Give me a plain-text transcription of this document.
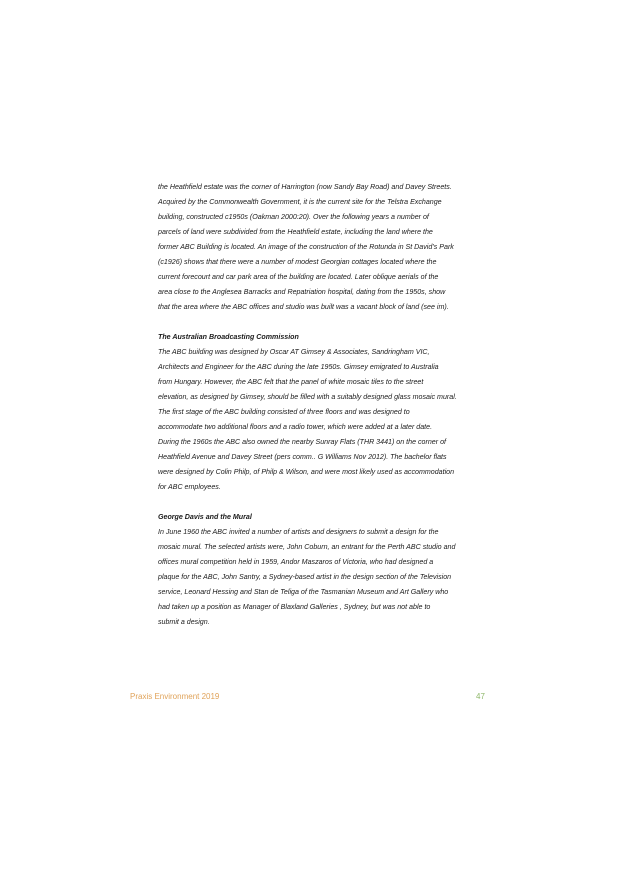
the Heathfield estate was the corner of Harrington (now Sandy Bay Road) and Davey Streets.

Acquired by the Commonwealth Government, it is the current site for the Telstra Exchange

building, constructed c1950s (Oakman 2000:20). Over the following years a number of

parcels of land were subdivided from the Heathfield estate, including the land where the

former ABC Building is located. An image of the construction of the Rotunda in St David’s Park

(c1926) shows that there were a number of modest Georgian cottages located where the

current forecourt and car park area of the building are located. Later oblique aerials of the

area close to the Anglesea Barracks and Repatriation hospital, dating from the 1950s, show

that the area where the ABC offices and studio was built was a vacant block of land (see im).

The Australian Broadcasting Commission

The ABC building was designed by Oscar AT Gimsey & Associates, Sandringham VIC,

Architects and Engineer for the ABC during the late 1950s. Gimsey emigrated to Australia

from Hungary. However, the ABC felt that the panel of white mosaic tiles to the street

elevation, as designed by Gimsey, should be filled with a suitably designed glass mosaic mural.

The first stage of the ABC building consisted of three floors and was designed to

accommodate two additional floors and a radio tower, which were added at a later date.

During the 1960s the ABC also owned the nearby Sunray Flats (THR 3441) on the corner of

Heathfield Avenue and Davey Street (pers comm.. G Williams Nov 2012). The bachelor flats

were designed by Colin Philp, of Philp & Wilson, and were most likely used as accommodation

for ABC employees.

George Davis and the Mural

In June 1960 the ABC invited a number of artists and designers to submit a design for the

mosaic mural. The selected artists were, John Coburn, an entrant for the Perth ABC studio and

offices mural competition held in 1959, Andor Maszaros of Victoria, who had designed a

plaque for the ABC, John Santry, a Sydney-based artist in the design section of the Television

service, Leonard Hessing and Stan de Teliga of the Tasmanian Museum and Art Gallery who

had taken up a position as Manager of Blaxland Galleries , Sydney, but was not able to

submit a design.

Praxis Environment 2019	47
